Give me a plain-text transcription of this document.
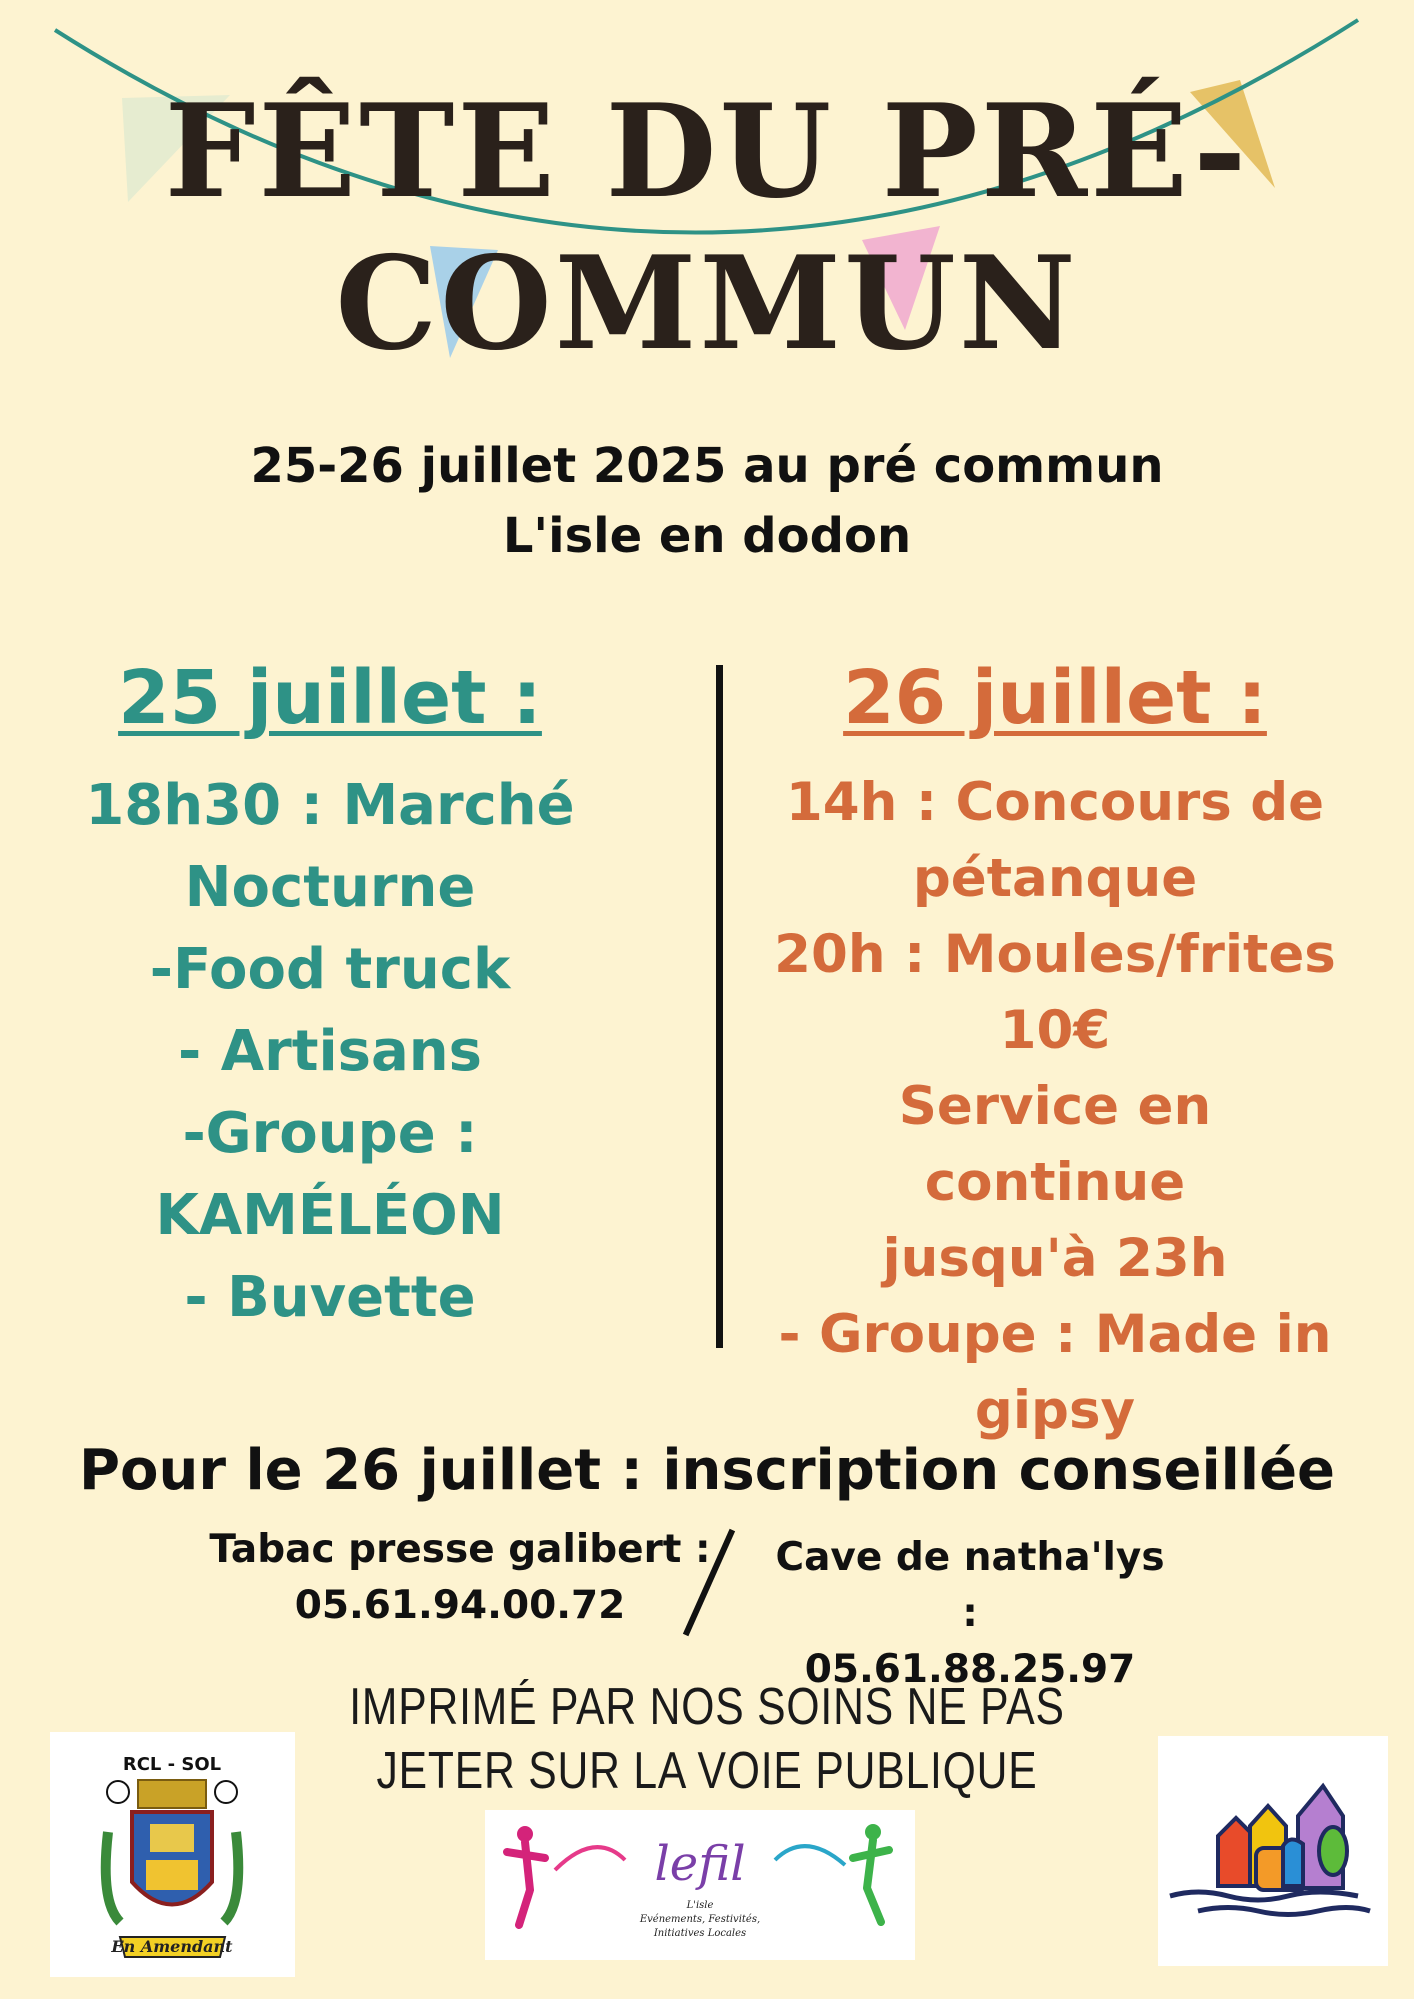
FÊTE DU PRÉ-
COMMUN
25-26 juillet 2025 au pré commun
L'isle en dodon
25 juillet :
18h30 : Marché
Nocturne
-Food truck
- Artisans
-Groupe :
KAMÉLÉON
- Buvette
26 juillet :
14h : Concours de
pétanque
20h : Moules/frites
10€
Service en continue
jusqu'à 23h
- Groupe : Made in
gipsy
Pour le 26 juillet : inscription conseillée
Tabac presse galibert :
05.61.94.00.72
Cave de natha'lys :
05.61.88.25.97
IMPRIMÉ PAR NOS SOINS NE PAS
JETER SUR LA VOIE PUBLIQUE
RCL - SOL
En Amendant
lefil
L'isle
Evénements, Festivités,
Initiatives Locales
